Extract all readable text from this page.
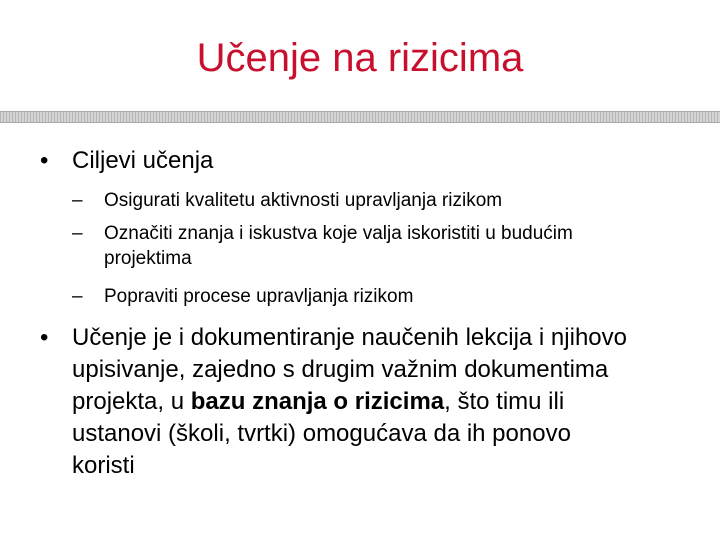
Učenje na rizicima
• Ciljevi učenja
– Osigurati kvalitetu aktivnosti upravljanja rizikom
– Označiti znanja i iskustva koje valja iskoristiti u budućim projektima
– Popraviti procese upravljanja rizikom
• Učenje je i dokumentiranje naučenih lekcija i njihovo upisivanje, zajedno s drugim važnim dokumentima projekta, u bazu znanja o rizicima, što timu ili ustanovi (školi, tvrtki) omogućava da ih ponovo koristi
